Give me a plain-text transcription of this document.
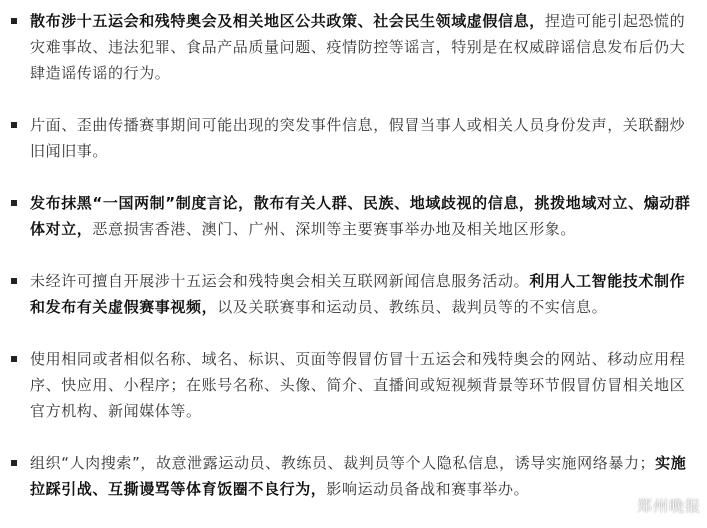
散布涉十五运会和残特奥会及相关地区公共政策、社会民生领域虚假信息，捏造可能引起恐慌的灾难事故、违法犯罪、食品产品质量问题、疫情防控等谣言，特别是在权威辟谣信息发布后仍大肆造谣传谣的行为。
片面、歪曲传播赛事期间可能出现的突发事件信息，假冒当事人或相关人员身份发声，关联翻炒旧闻旧事。
发布抹黑“一国两制”制度言论，散布有关人群、民族、地域歧视的信息，挑拨地域对立、煽动群体对立，恶意损害香港、澳门、广州、深圳等主要赛事举办地及相关地区形象。
未经许可擅自开展涉十五运会和残特奥会相关互联网新闻信息服务活动。利用人工智能技术制作和发布有关虚假赛事视频，以及关联赛事和运动员、教练员、裁判员等的不实信息。
使用相同或者相似名称、域名、标识、页面等假冒仿冒十五运会和残特奥会的网站、移动应用程序、快应用、小程序；在账号名称、头像、简介、直播间或短视频背景等环节假冒仿冒相关地区官方机构、新闻媒体等。
组织“人肉搜索”，故意泄露运动员、教练员、裁判员等个人隐私信息，诱导实施网络暴力；实施拉踩引战、互撕谩骂等体育饭圈不良行为，影响运动员备战和赛事举办。
郑州晚报
